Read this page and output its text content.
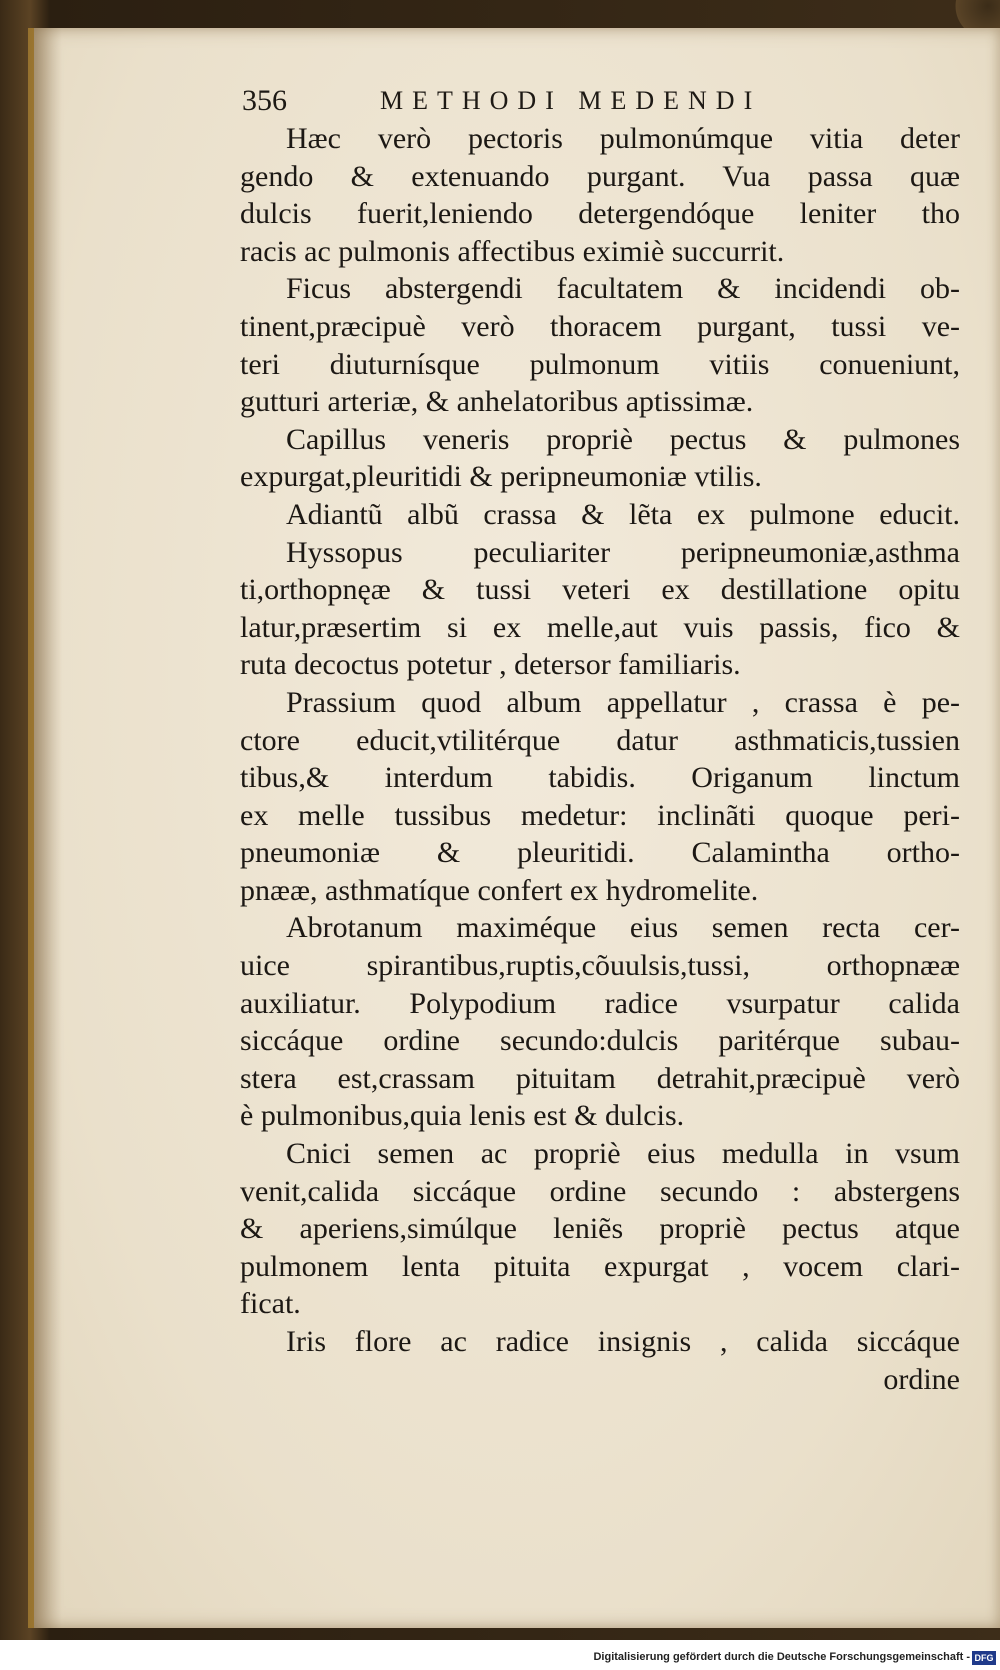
356	METHODI MEDENDI
Hæc verò pectoris pulmonúmque vitia deter
gendo & extenuando purgant. Vua passa quæ
dulcis fuerit,leniendo detergendóque leniter tho
racis ac pulmonis affectibus eximiè succurrit.
Ficus abstergendi facultatem & incidendi ob-
tinent,præcipuè verò thoracem purgant, tussi ve-
teri diuturnísque pulmonum vitiis conueniunt,
gutturi arteriæ, & anhelatoribus aptissimæ.
Capillus veneris propriè pectus & pulmones
expurgat,pleuritidi & peripneumoniæ vtilis.
Adiantũ albũ crassa & lẽta ex pulmone educit.
Hyssopus peculiariter peripneumoniæ,asthma
ti,orthopnęæ & tussi veteri ex destillatione opitu
latur,præsertim si ex melle,aut vuis passis, fico &
ruta decoctus potetur , detersor familiaris.
Prassium quod album appellatur , crassa è pe-
ctore educit,vtilitérque datur asthmaticis,tussien
tibus,& interdum tabidis. Origanum linctum
ex melle tussibus medetur: inclinãti quoque peri-
pneumoniæ & pleuritidi. Calamintha ortho-
pnææ, asthmatíque confert ex hydromelite.
Abrotanum maximéque eius semen recta cer-
uice spirantibus,ruptis,cõuulsis,tussi, orthopnææ
auxiliatur. Polypodium radice vsurpatur calida
siccáque ordine secundo:dulcis paritérque subau-
stera est,crassam pituitam detrahit,præcipuè verò
è pulmonibus,quia lenis est & dulcis.
Cnici semen ac propriè eius medulla in vsum
venit,calida siccáque ordine secundo : abstergens
& aperiens,simúlque leniẽs propriè pectus atque
pulmonem lenta pituita expurgat , vocem clari-
ficat.
Iris flore ac radice insignis , calida siccáque
ordine
Digitalisierung gefördert durch die Deutsche Forschungsgemeinschaft - DFG
